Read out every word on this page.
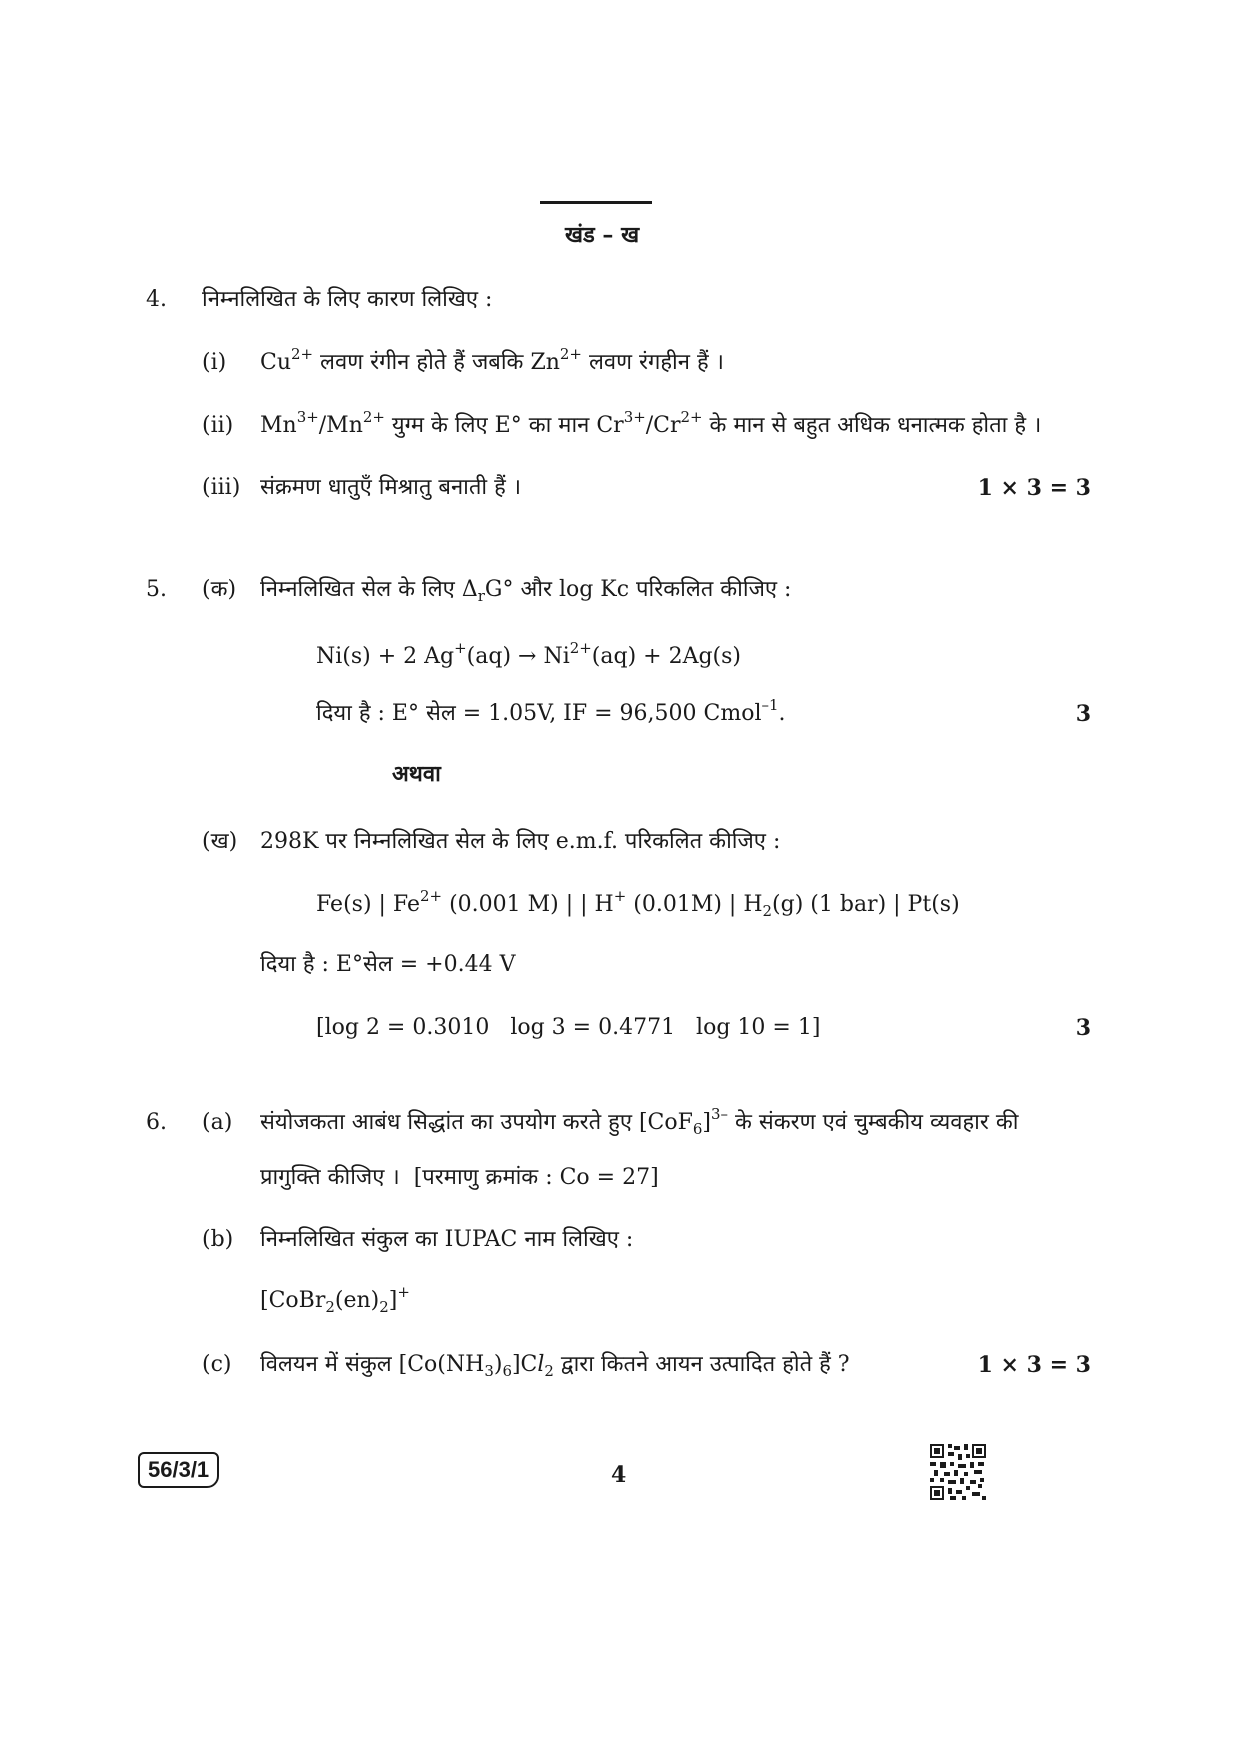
खंड – ख
4. निम्नलिखित के लिए कारण लिखिए :
(i) $Cu^{2+}$ लवण रंगीन होते हैं जबकि $Zn^{2+}$ लवण रंगहीन हैं ।
(ii) $Mn^{3+}/Mn^{2+}$ युग्म के लिए E° का मान $Cr^{3+}/Cr^{2+}$ के मान से बहुत अधिक धनात्मक होता है ।
(iii) संक्रमण धातुएँ मिश्रातु बनाती हैं ।	1 × 3 = 3
5. (क) निम्नलिखित सेल के लिए $\Delta_rG^\circ$ और log Kc परिकलित कीजिए :
Ni(s) + 2 $Ag^+(aq) \to Ni^{2+}(aq) + 2Ag(s)$
दिया है : E° सेल = 1.05V, IF = 96,500 Cmol$^{-1}$.	3
अथवा
(ख) 298K पर निम्नलिखित सेल के लिए e.m.f. परिकलित कीजिए :
Fe(s) | $Fe^{2+}$ (0.001 M) | | H+ (0.01M) | $H_2(g)$ (1 bar) | Pt(s)
दिया है : E°सेल = +0.44 V
[log 2 = 0.3010   log 3 = 0.4771   log 10 = 1]	3
6. (a) संयोजकता आबंध सिद्धांत का उपयोग करते हुए $[CoF_6]^{3-}$ के संकरण एवं चुम्बकीय व्यवहार की
प्रागुक्ति कीजिए ।  [परमाणु क्रमांक : Co = 27]
(b) निम्नलिखित संकुल का IUPAC नाम लिखिए :
$[CoBr_2(en)_2]^+$
(c) विलयन में संकुल $[Co(NH_3)_6]Cl_2$ द्वारा कितने आयन उत्पादित होते हैं ?	1 × 3 = 3
56/3/1	4
